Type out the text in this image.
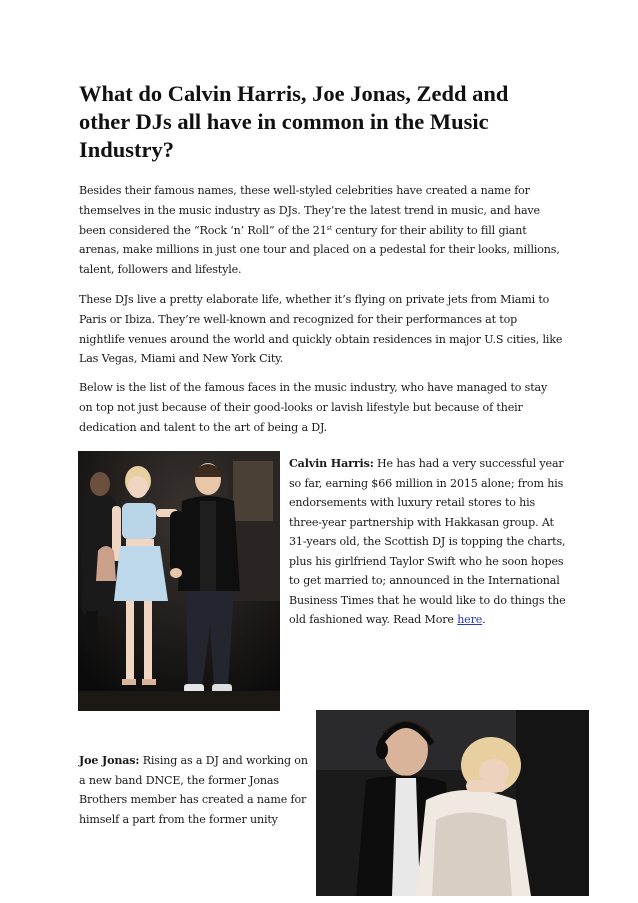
What do Calvin Harris, Joe Jonas, Zedd and other DJs all have in common in the Music Industry?

Besides their famous names, these well-styled celebrities have created a name for themselves in the music industry as DJs. They’re the latest trend in music, and have been considered the “Rock ‘n’ Roll” of the 21st century for their ability to fill giant arenas, make millions in just one tour and placed on a pedestal for their looks, millions, talent, followers and lifestyle.

These DJs live a pretty elaborate life, whether it’s flying on private jets from Miami to Paris or Ibiza. They’re well-known and recognized for their performances at top nightlife venues around the world and quickly obtain residences in major U.S cities, like Las Vegas, Miami and New York City.

Below is the list of the famous faces in the music industry, who have managed to stay on top not just because of their good-looks or lavish lifestyle but because of their dedication and talent to the art of being a DJ.

Calvin Harris: He has had a very successful year so far, earning $66 million in 2015 alone; from his endorsements with luxury retail stores to his three-year partnership with Hakkasan group. At 31-years old, the Scottish DJ is topping the charts, plus his girlfriend Taylor Swift who he soon hopes to get married to; announced in the International Business Times that he would like to do things the old fashioned way. Read More here.

Joe Jonas: Rising as a DJ and working on a new band DNCE, the former Jonas Brothers member has created a name for himself a part from the former unity
